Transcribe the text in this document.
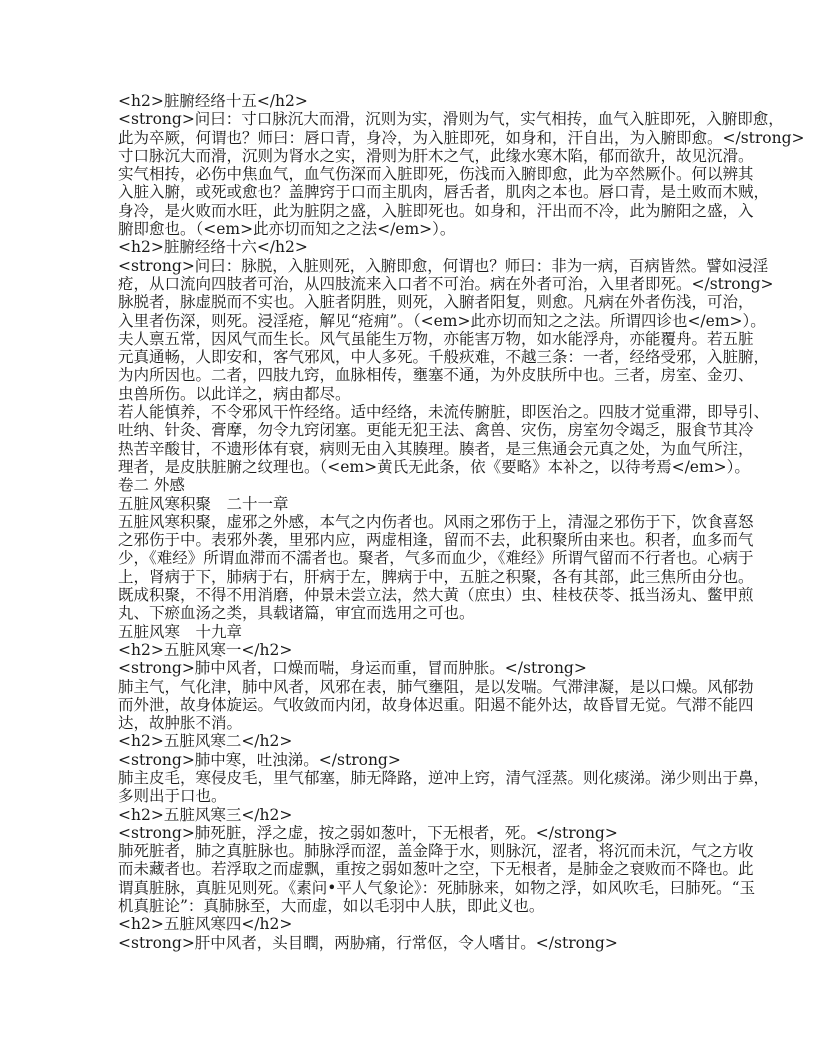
<h2>脏腑经络十五</h2>
<strong>问曰：寸口脉沉大而滑，沉则为实，滑则为气，实气相抟，血气入脏即死，入腑即愈，
此为卒厥，何谓也？师曰：唇口青，身冷，为入脏即死，如身和，汗自出，为入腑即愈。</strong>
寸口脉沉大而滑，沉则为肾水之实，滑则为肝木之气，此缘水寒木陷，郁而欲升，故见沉滑。
实气相抟，必伤中焦血气，血气伤深而入脏即死，伤浅而入腑即愈，此为卒然厥仆。何以辨其
入脏入腑，或死或愈也？盖脾窍于口而主肌肉，唇舌者，肌肉之本也。唇口青，是土败而木贼，
身冷，是火败而水旺，此为脏阴之盛，入脏即死也。如身和，汗出而不冷，此为腑阳之盛，入
腑即愈也。（<em>此亦切而知之之法</em>）。
<h2>脏腑经络十六</h2>
<strong>问曰：脉脱，入脏则死，入腑即愈，何谓也？师曰：非为一病，百病皆然。譬如浸淫
疮，从口流向四肢者可治，从四肢流来入口者不可治。病在外者可治，入里者即死。</strong>
脉脱者，脉虚脱而不实也。入脏者阴胜，则死，入腑者阳复，则愈。凡病在外者伤浅，可治，
入里者伤深，则死。浸淫疮，解见“疮痈”。（<em>此亦切而知之之法。所谓四诊也</em>）。
夫人禀五常，因风气而生长。风气虽能生万物，亦能害万物，如水能浮舟，亦能覆舟。若五脏
元真通畅，人即安和，客气邪风，中人多死。千般疢难，不越三条：一者，经络受邪，入脏腑，
为内所因也。二者，四肢九窍，血脉相传，壅塞不通，为外皮肤所中也。三者，房室、金刃、
虫兽所伤。以此详之，病由都尽。
若人能慎养，不令邪风干忤经络。适中经络，未流传腑脏，即医治之。四肢才觉重滞，即导引、
吐纳、针灸、膏摩，勿令九窍闭塞。更能无犯王法、禽兽、灾伤，房室勿令竭乏，服食节其冷
热苦辛酸甘，不遗形体有衰，病则无由入其腠理。腠者，是三焦通会元真之处，为血气所注，
理者，是皮肤脏腑之纹理也。（<em>黄氏无此条，依《要略》本补之，以待考焉</em>）。
卷二 外感
五脏风寒积聚　二十一章
五脏风寒积聚，虚邪之外感，本气之内伤者也。风雨之邪伤于上，清湿之邪伤于下，饮食喜怒
之邪伤于中。表邪外袭，里邪内应，两虚相逢，留而不去，此积聚所由来也。积者，血多而气
少，《难经》所谓血滞而不濡者也。聚者，气多而血少，《难经》所谓气留而不行者也。心病于
上，肾病于下，肺病于右，肝病于左，脾病于中，五脏之积聚，各有其部，此三焦所由分也。
既成积聚，不得不用消磨，仲景未尝立法，然大黄（庶虫）虫、桂枝茯苓、抵当汤丸、鳖甲煎
丸、下瘀血汤之类，具载诸篇，审宜而选用之可也。
五脏风寒　十九章
<h2>五脏风寒一</h2>
<strong>肺中风者，口燥而喘，身运而重，冒而肿胀。</strong>
肺主气，气化津，肺中风者，风邪在表，肺气壅阻，是以发喘。气滞津凝，是以口燥。风郁勃
而外泄，故身体旋运。气收敛而内闭，故身体迟重。阳遏不能外达，故昏冒无觉。气滞不能四
达，故肿胀不消。
<h2>五脏风寒二</h2>
<strong>肺中寒，吐浊涕。</strong>
肺主皮毛，寒侵皮毛，里气郁塞，肺无降路，逆冲上窍，清气淫蒸。则化痰涕。涕少则出于鼻，
多则出于口也。
<h2>五脏风寒三</h2>
<strong>肺死脏，浮之虚，按之弱如葱叶，下无根者，死。</strong>
肺死脏者，肺之真脏脉也。肺脉浮而涩，盖金降于水，则脉沉，涩者，将沉而未沉，气之方收
而未藏者也。若浮取之而虚飘，重按之弱如葱叶之空，下无根者，是肺金之衰败而不降也。此
谓真脏脉，真脏见则死。《素问•平人气象论》：死肺脉来，如物之浮，如风吹毛，曰肺死。“玉
机真脏论”：真肺脉至，大而虚，如以毛羽中人肤，即此义也。
<h2>五脏风寒四</h2>
<strong>肝中风者，头目瞤，两胁痛，行常伛，令人嗜甘。</strong>
